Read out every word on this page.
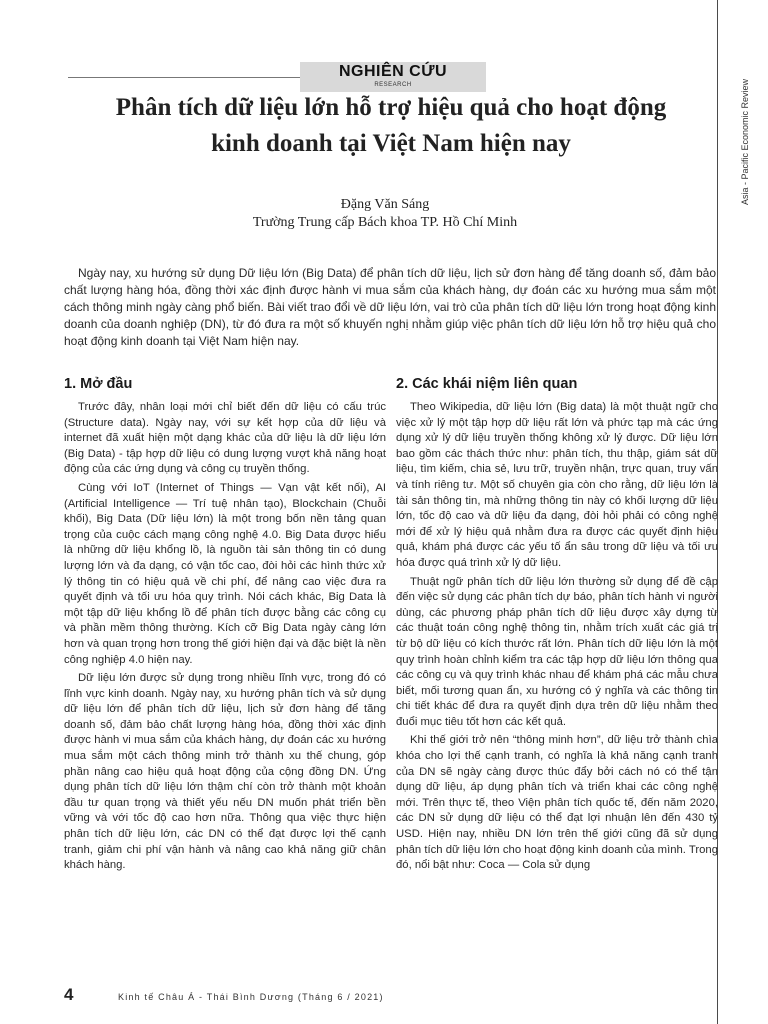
Asia - Pacific Economic Review
NGHIÊN CỨU
RESEARCH
Phân tích dữ liệu lớn hỗ trợ hiệu quả cho hoạt động
kinh doanh tại Việt Nam hiện nay
Đặng Văn Sáng
Trường Trung cấp Bách khoa TP. Hồ Chí Minh

Ngày nay, xu hướng sử dụng Dữ liệu lớn (Big Data) để phân tích dữ liệu, lịch sử đơn hàng để tăng doanh số, đảm bảo chất lượng hàng hóa, đồng thời xác định được hành vi mua sắm của khách hàng, dự đoán các xu hướng mua sắm một cách thông minh ngày càng phổ biến. Bài viết trao đổi về dữ liệu lớn, vai trò của phân tích dữ liệu lớn trong hoạt động kinh doanh của doanh nghiệp (DN), từ đó đưa ra một số khuyến nghị nhằm giúp việc phân tích dữ liệu lớn hỗ trợ hiệu quả cho hoạt động kinh doanh tại Việt Nam hiện nay.

1. Mở đầu

Trước đây, nhân loại mới chỉ biết đến dữ liệu có cấu trúc (Structure data). Ngày nay, với sự kết hợp của dữ liệu và internet đã xuất hiện một dạng khác của dữ liệu là dữ liệu lớn (Big Data) - tập hợp dữ liệu có dung lượng vượt khả năng hoạt động của các ứng dụng và công cụ truyền thống.

Cùng với IoT (Internet of Things — Vạn vật kết nối), AI (Artificial Intelligence — Trí tuệ nhân tạo), Blockchain (Chuỗi khối), Big Data (Dữ liệu lớn) là một trong bốn nền tảng quan trọng của cuộc cách mạng công nghệ 4.0. Big Data được hiểu là những dữ liệu khổng lồ, là nguồn tài sản thông tin có dung lượng lớn và đa dạng, có vận tốc cao, đòi hỏi các hình thức xử lý thông tin có hiệu quả về chi phí, để nâng cao việc đưa ra quyết định và tối ưu hóa quy trình. Nói cách khác, Big Data là một tập dữ liệu khổng lồ để phân tích được bằng các công cụ và phần mềm thông thường. Kích cỡ Big Data ngày càng lớn hơn và quan trọng hơn trong thế giới hiện đại và đặc biệt là nền công nghiệp 4.0 hiện nay.

Dữ liệu lớn được sử dụng trong nhiều lĩnh vực, trong đó có lĩnh vực kinh doanh. Ngày nay, xu hướng phân tích và sử dụng dữ liệu lớn để phân tích dữ liệu, lịch sử đơn hàng để tăng doanh số, đảm bảo chất lượng hàng hóa, đồng thời xác định được hành vi mua sắm của khách hàng, dự đoán các xu hướng mua sắm một cách thông minh trở thành xu thế chung, góp phần nâng cao hiệu quả hoạt động của cộng đồng DN. Ứng dụng phân tích dữ liệu lớn thậm chí còn trở thành một khoản đầu tư quan trọng và thiết yếu nếu DN muốn phát triển bền vững và với tốc độ cao hơn nữa. Thông qua việc thực hiện phân tích dữ liệu lớn, các DN có thể đạt được lợi thế cạnh tranh, giảm chi phí vận hành và nâng cao khả năng giữ chân khách hàng.

2. Các khái niệm liên quan

Theo Wikipedia, dữ liệu lớn (Big data) là một thuật ngữ cho việc xử lý một tập hợp dữ liệu rất lớn và phức tạp mà các ứng dụng xử lý dữ liệu truyền thống không xử lý được. Dữ liệu lớn bao gồm các thách thức như: phân tích, thu thập, giám sát dữ liệu, tìm kiếm, chia sẻ, lưu trữ, truyền nhận, trực quan, truy vấn và tính riêng tư. Một số chuyên gia còn cho rằng, dữ liệu lớn là tài sản thông tin, mà những thông tin này có khối lượng dữ liệu lớn, tốc độ cao và dữ liệu đa dạng, đòi hỏi phải có công nghệ mới để xử lý hiệu quả nhằm đưa ra được các quyết định hiệu quả, khám phá được các yếu tố ẩn sâu trong dữ liệu và tối ưu hóa được quá trình xử lý dữ liệu.

Thuật ngữ phân tích dữ liệu lớn thường sử dụng để đề cập đến việc sử dụng các phân tích dự báo, phân tích hành vi người dùng, các phương pháp phân tích dữ liệu được xây dựng từ các thuật toán công nghệ thông tin, nhằm trích xuất các giá trị từ bộ dữ liệu có kích thước rất lớn. Phân tích dữ liệu lớn là một quy trình hoàn chỉnh kiểm tra các tập hợp dữ liệu lớn thông qua các công cụ và quy trình khác nhau để khám phá các mẫu chưa biết, mối tương quan ẩn, xu hướng có ý nghĩa và các thông tin chi tiết khác để đưa ra quyết định dựa trên dữ liệu nhằm theo đuổi mục tiêu tốt hơn các kết quả.

Khi thế giới trở nên “thông minh hơn”, dữ liệu trở thành chìa khóa cho lợi thế cạnh tranh, có nghĩa là khả năng cạnh tranh của DN sẽ ngày càng được thúc đẩy bởi cách nó có thể tận dụng dữ liệu, áp dụng phân tích và triển khai các công nghệ mới. Trên thực tế, theo Viện phân tích quốc tế, đến năm 2020, các DN sử dụng dữ liệu có thể đạt lợi nhuận lên đến 430 tỷ USD. Hiện nay, nhiều DN lớn trên thế giới cũng đã sử dụng phân tích dữ liệu lớn cho hoạt động kinh doanh của mình. Trong đó, nổi bật như: Coca — Cola sử dụng

4	Kinh tế Châu Á - Thái Bình Dương (Tháng 6 / 2021)
